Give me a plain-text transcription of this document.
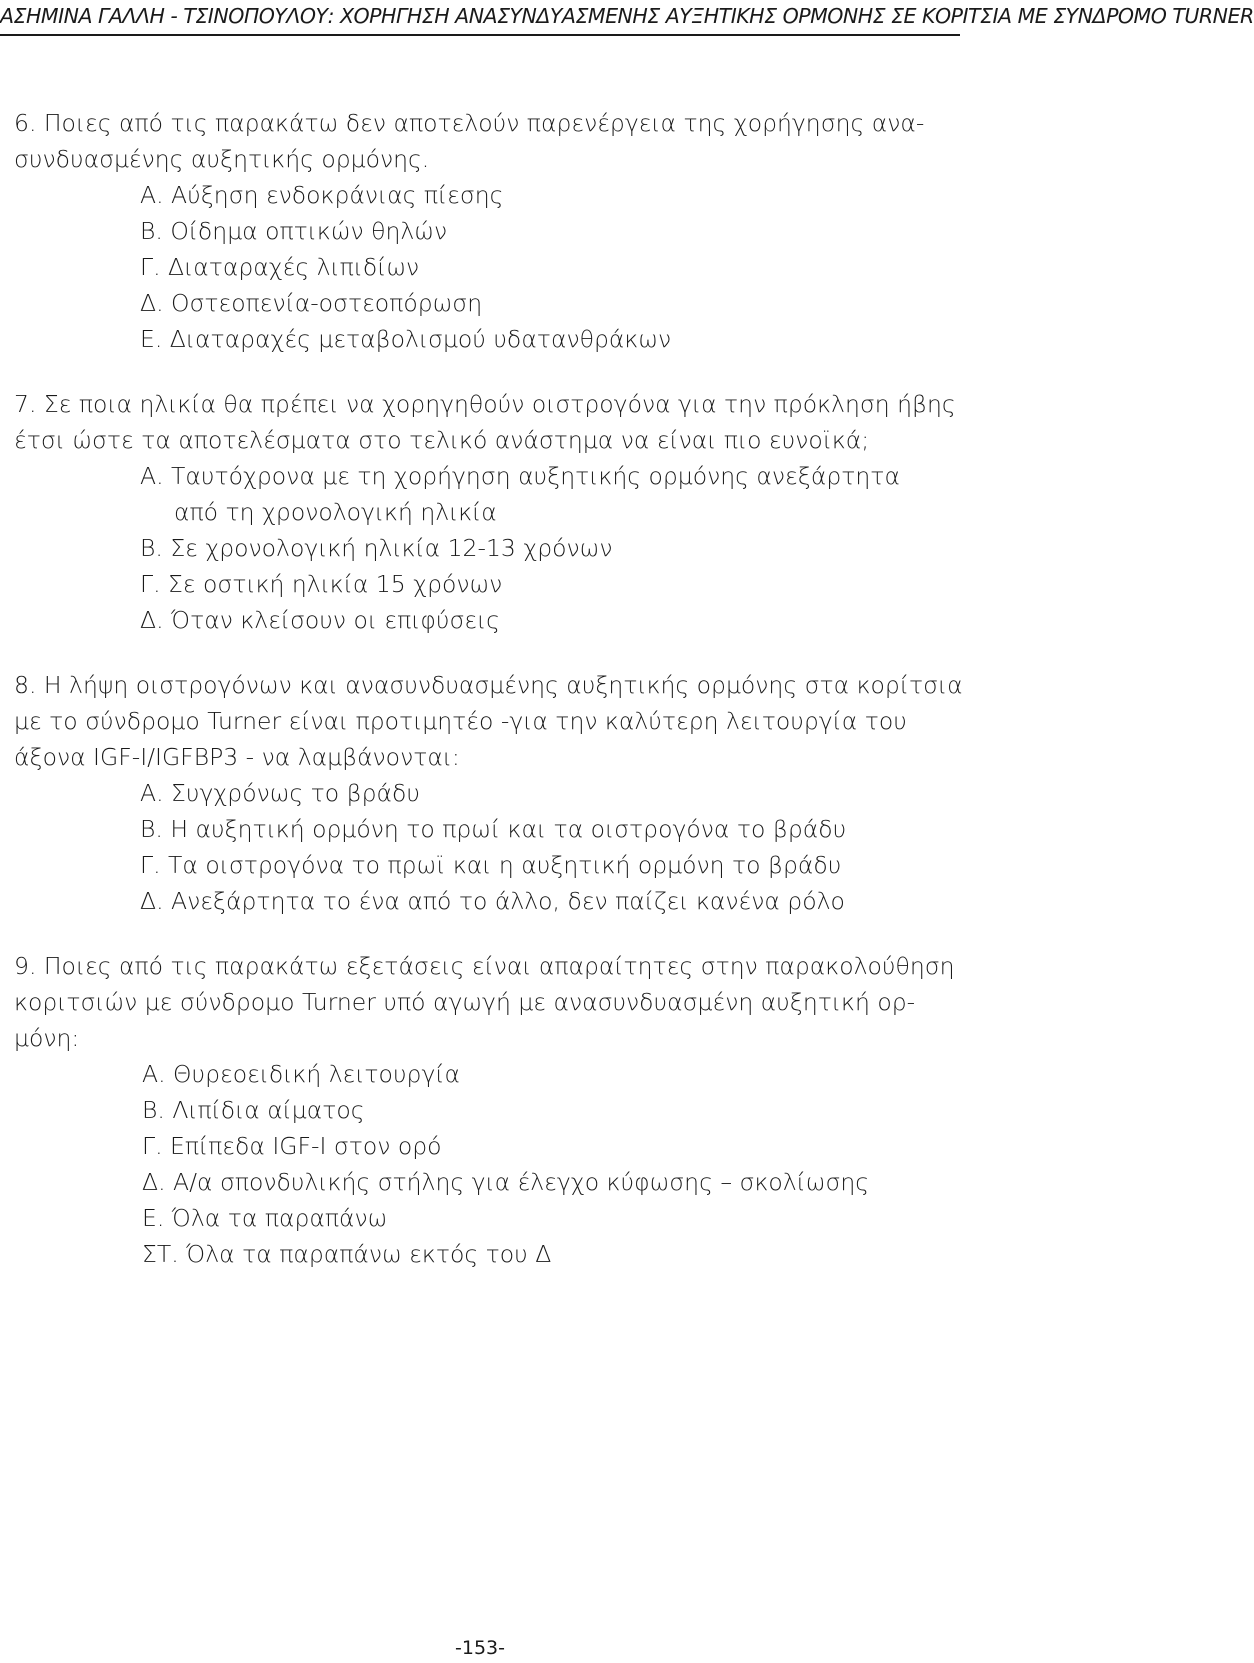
ΑΣΗΜΙΝΑ ΓΑΛΛΗ - ΤΣΙΝΟΠΟΥΛΟΥ: ΧΟΡΗΓΗΣΗ ΑΝΑΣΥΝΔΥΑΣΜΕΝΗΣ ΑΥΞΗΤΙΚΗΣ ΟΡΜΟΝΗΣ ΣΕ ΚΟΡΙΤΣΙΑ ΜΕ ΣΥΝΔΡΟΜΟ TURNER
6. Ποιες από τις παρακάτω δεν αποτελούν παρενέργεια της χορήγησης ανα-
συνδυασμένης αυξητικής ορμόνης.
Α. Αύξηση ενδοκράνιας πίεσης
Β. Οίδημα οπτικών θηλών
Γ. Διαταραχές λιπιδίων
Δ. Οστεοπενία-οστεοπόρωση
Ε. Διαταραχές μεταβολισμού υδατανθράκων
7. Σε ποια ηλικία θα πρέπει να χορηγηθούν οιστρογόνα για την πρόκληση ήβης
έτσι ώστε τα αποτελέσματα στο τελικό ανάστημα να είναι πιο ευνοϊκά;
Α. Ταυτόχρονα με τη χορήγηση αυξητικής ορμόνης ανεξάρτητα
από τη χρονολογική ηλικία
Β. Σε χρονολογική ηλικία 12-13 χρόνων
Γ. Σε οστική ηλικία 15 χρόνων
Δ. Όταν κλείσουν οι επιφύσεις
8. Η λήψη οιστρογόνων και ανασυνδυασμένης αυξητικής ορμόνης στα κορίτσια
με το σύνδρομο Turner είναι προτιμητέο -για την καλύτερη λειτουργία του
άξονα IGF-I/IGFBP3 - να λαμβάνονται:
Α. Συγχρόνως το βράδυ
Β. Η αυξητική ορμόνη το πρωί και τα οιστρογόνα το βράδυ
Γ. Τα οιστρογόνα το πρωϊ και η αυξητική ορμόνη το βράδυ
Δ. Ανεξάρτητα το ένα από το άλλο, δεν παίζει κανένα ρόλο
9. Ποιες από τις παρακάτω εξετάσεις είναι απαραίτητες στην παρακολούθηση
κοριτσιών με σύνδρομο Turner υπό αγωγή με ανασυνδυασμένη αυξητική ορ-
μόνη:
Α. Θυρεοειδική λειτουργία
Β. Λιπίδια αίματος
Γ. Επίπεδα IGF-I στον ορό
Δ. Α/α σπονδυλικής στήλης για έλεγχο κύφωσης – σκολίωσης
Ε. Όλα τα παραπάνω
ΣΤ. Όλα τα παραπάνω εκτός του Δ
-153-
